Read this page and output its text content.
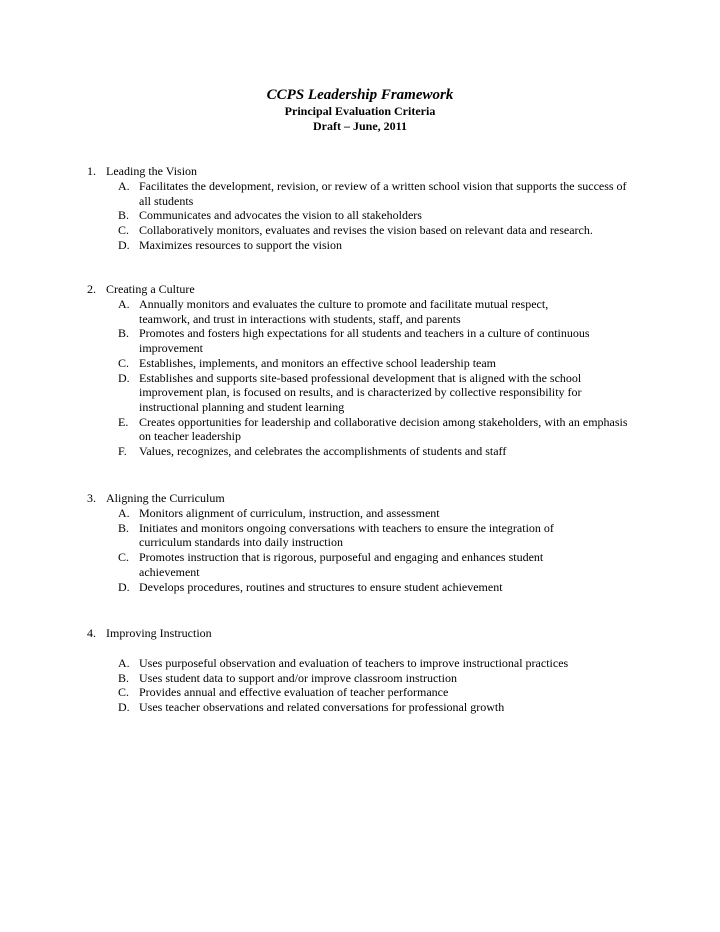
CCPS Leadership Framework
Principal Evaluation Criteria
Draft – June, 2011
1. Leading the Vision
A. Facilitates the development, revision, or review of a written school vision that supports the success of all students
B. Communicates and advocates the vision to all stakeholders
C. Collaboratively monitors, evaluates and revises the vision based on relevant data and research.
D. Maximizes resources to support the vision
2. Creating a Culture
A. Annually monitors and evaluates the culture to promote and facilitate mutual respect, teamwork, and trust in interactions with students, staff, and parents
B. Promotes and fosters high expectations for all students and teachers in a culture of continuous improvement
C. Establishes, implements, and monitors an effective school leadership team
D. Establishes and supports site-based professional development that is aligned with the school improvement plan, is focused on results, and is characterized by collective responsibility for instructional planning and student learning
E. Creates opportunities for leadership and collaborative decision among stakeholders, with an emphasis on teacher leadership
F. Values, recognizes, and celebrates the accomplishments of students and staff
3. Aligning the Curriculum
A. Monitors alignment of curriculum, instruction, and assessment
B. Initiates and monitors ongoing conversations with teachers to ensure the integration of curriculum standards into daily instruction
C. Promotes instruction that is rigorous, purposeful and engaging and enhances student achievement
D. Develops procedures, routines and structures to ensure student achievement
4. Improving Instruction
A. Uses purposeful observation and evaluation of teachers to improve instructional practices
B. Uses student data to support and/or improve classroom instruction
C. Provides annual and effective evaluation of teacher performance
D. Uses teacher observations and related conversations for professional growth
